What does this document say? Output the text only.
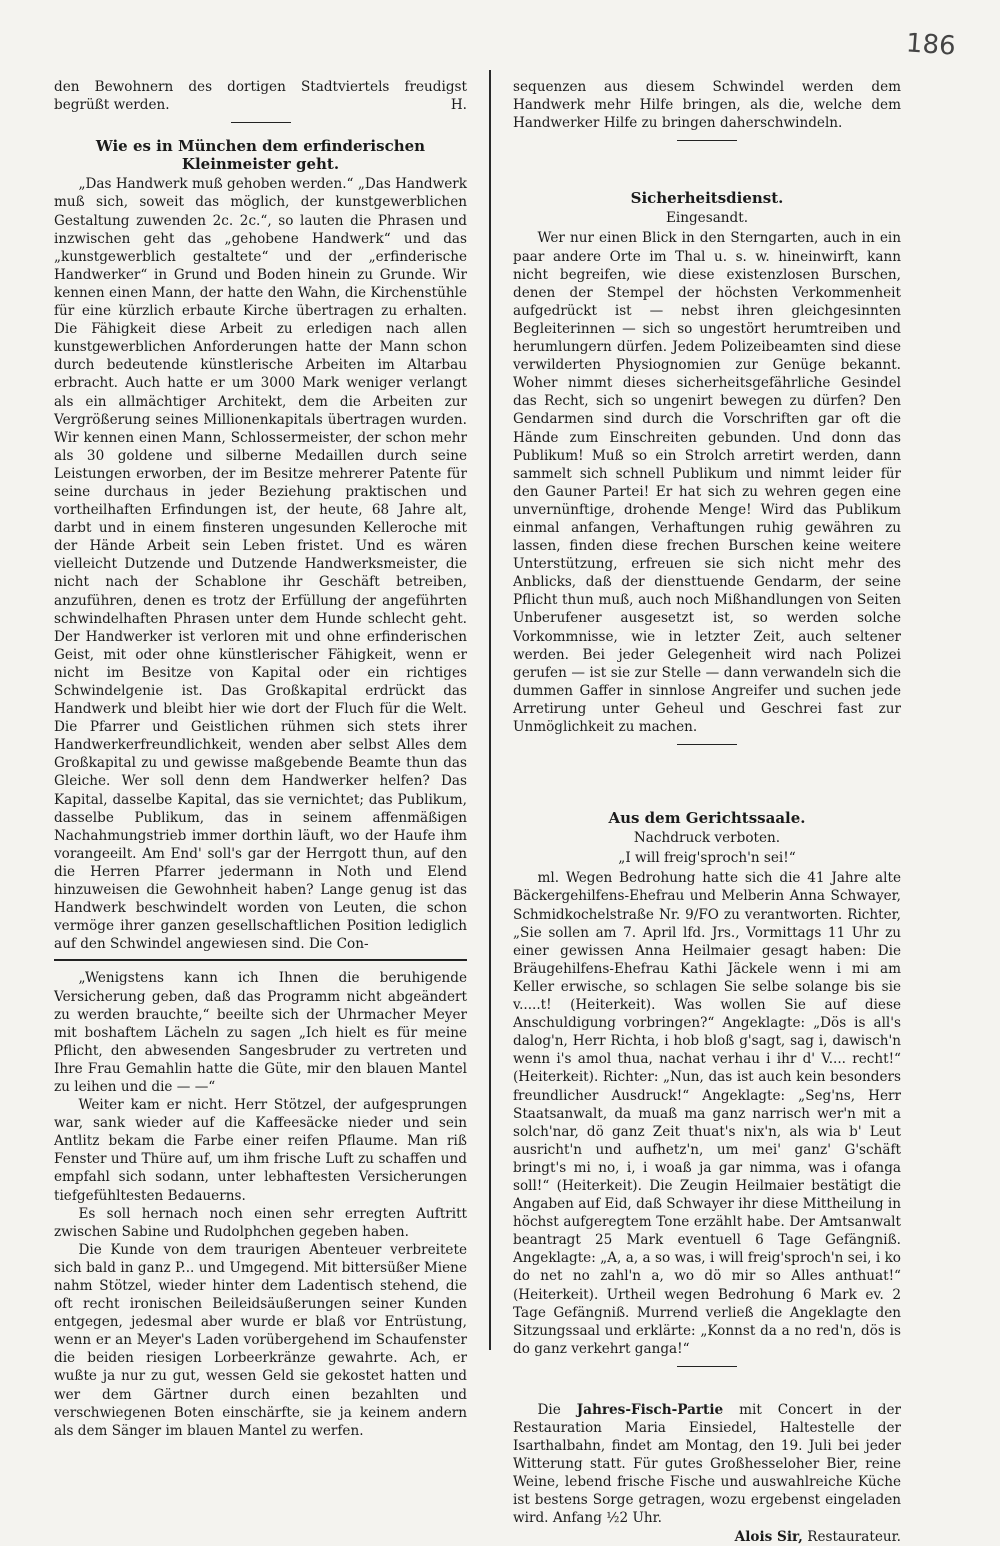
186

den Bewohnern des dortigen Stadtviertels freudigst begrüßt werden.	H.

Wie es in München dem erfinderischen Kleinmeister geht.

„Das Handwerk muß gehoben werden.“ „Das Handwerk muß sich, soweit das möglich, der kunstgewerblichen Gestaltung zuwenden 2c. 2c.“, so lauten die Phrasen und inzwischen geht das „gehobene Handwerk“ und das „kunstgewerblich gestaltete“ und der „erfinderische Handwerker“ in Grund und Boden hinein zu Grunde. Wir kennen einen Mann, der hatte den Wahn, die Kirchenstühle für eine kürzlich erbaute Kirche übertragen zu erhalten. Die Fähigkeit diese Arbeit zu erledigen nach allen kunstgewerblichen Anforderungen hatte der Mann schon durch bedeutende künstlerische Arbeiten im Altarbau erbracht. Auch hatte er um 3000 Mark weniger verlangt als ein allmächtiger Architekt, dem die Arbeiten zur Vergrößerung seines Millionenkapitals übertragen wurden. Wir kennen einen Mann, Schlossermeister, der schon mehr als 30 goldene und silberne Medaillen durch seine Leistungen erworben, der im Besitze mehrerer Patente für seine durchaus in jeder Beziehung praktischen und vortheilhaften Erfindungen ist, der heute, 68 Jahre alt, darbt und in einem finsteren ungesunden Kelleroche mit der Hände Arbeit sein Leben fristet. Und es wären vielleicht Dutzende und Dutzende Handwerksmeister, die nicht nach der Schablone ihr Geschäft betreiben, anzuführen, denen es trotz der Erfüllung der angeführten schwindelhaften Phrasen unter dem Hunde schlecht geht. Der Handwerker ist verloren mit und ohne erfinderischen Geist, mit oder ohne künstlerischer Fähigkeit, wenn er nicht im Besitze von Kapital oder ein richtiges Schwindelgenie ist. Das Großkapital erdrückt das Handwerk und bleibt hier wie dort der Fluch für die Welt. Die Pfarrer und Geistlichen rühmen sich stets ihrer Handwerkerfreundlichkeit, wenden aber selbst Alles dem Großkapital zu und gewisse maßgebende Beamte thun das Gleiche. Wer soll denn dem Handwerker helfen? Das Kapital, dasselbe Kapital, das sie vernichtet; das Publikum, dasselbe Publikum, das in seinem affenmäßigen Nachahmungstrieb immer dorthin läuft, wo der Haufe ihm vorangeeilt. Am End' soll's gar der Herrgott thun, auf den die Herren Pfarrer jedermann in Noth und Elend hinzuweisen die Gewohnheit haben? Lange genug ist das Handwerk beschwindelt worden von Leuten, die schon vermöge ihrer ganzen gesellschaftlichen Position lediglich auf den Schwindel angewiesen sind. Die Con-

„Wenigstens kann ich Ihnen die beruhigende Versicherung geben, daß das Programm nicht abgeändert zu werden brauchte,“ beeilte sich der Uhrmacher Meyer mit boshaftem Lächeln zu sagen „Ich hielt es für meine Pflicht, den abwesenden Sangesbruder zu vertreten und Ihre Frau Gemahlin hatte die Güte, mir den blauen Mantel zu leihen und die — —“

Weiter kam er nicht. Herr Stötzel, der aufgesprungen war, sank wieder auf die Kaffeesäcke nieder und sein Antlitz bekam die Farbe einer reifen Pflaume. Man riß Fenster und Thüre auf, um ihm frische Luft zu schaffen und empfahl sich sodann, unter lebhaftesten Versicherungen tiefgefühltesten Bedauerns.

Es soll hernach noch einen sehr erregten Auftritt zwischen Sabine und Rudolphchen gegeben haben.

Die Kunde von dem traurigen Abenteuer verbreitete sich bald in ganz P... und Umgegend. Mit bittersüßer Miene nahm Stötzel, wieder hinter dem Ladentisch stehend, die oft recht ironischen Beileidsäußerungen seiner Kunden entgegen, jedesmal aber wurde er blaß vor Entrüstung, wenn er an Meyer's Laden vorübergehend im Schaufenster die beiden riesigen Lorbeerkränze gewahrte. Ach, er wußte ja nur zu gut, wessen Geld sie gekostet hatten und wer dem Gärtner durch einen bezahlten und verschwiegenen Boten einschärfte, sie ja keinem andern als dem Sänger im blauen Mantel zu werfen.

sequenzen aus diesem Schwindel werden dem Handwerk mehr Hilfe bringen, als die, welche dem Handwerker Hilfe zu bringen daherschwindeln.

Sicherheitsdienst.
Eingesandt.

Wer nur einen Blick in den Sterngarten, auch in ein paar andere Orte im Thal u. s. w. hineinwirft, kann nicht begreifen, wie diese existenzlosen Burschen, denen der Stempel der höchsten Verkommenheit aufgedrückt ist — nebst ihren gleichgesinnten Begleiterinnen — sich so ungestört herumtreiben und herumlungern dürfen. Jedem Polizeibeamten sind diese verwilderten Physiognomien zur Genüge bekannt. Woher nimmt dieses sicherheitsgefährliche Gesindel das Recht, sich so ungenirt bewegen zu dürfen? Den Gendarmen sind durch die Vorschriften gar oft die Hände zum Einschreiten gebunden. Und donn das Publikum! Muß so ein Strolch arretirt werden, dann sammelt sich schnell Publikum und nimmt leider für den Gauner Partei! Er hat sich zu wehren gegen eine unvernünftige, drohende Menge! Wird das Publikum einmal anfangen, Verhaftungen ruhig gewähren zu lassen, finden diese frechen Burschen keine weitere Unterstützung, erfreuen sie sich nicht mehr des Anblicks, daß der diensttuende Gendarm, der seine Pflicht thun muß, auch noch Mißhandlungen von Seiten Unberufener ausgesetzt ist, so werden solche Vorkommnisse, wie in letzter Zeit, auch seltener werden. Bei jeder Gelegenheit wird nach Polizei gerufen — ist sie zur Stelle — dann verwandeln sich die dummen Gaffer in sinnlose Angreifer und suchen jede Arretirung unter Geheul und Geschrei fast zur Unmöglichkeit zu machen.

Aus dem Gerichtssaale.
Nachdruck verboten.
„I will freig'sproch'n sei!“

ml. Wegen Bedrohung hatte sich die 41 Jahre alte Bäckergehilfens-Ehefrau und Melberin Anna Schwayer, Schmidkochelstraße Nr. 9/FO zu verantworten. Richter, „Sie sollen am 7. April lfd. Jrs., Vormittags 11 Uhr zu einer gewissen Anna Heilmaier gesagt haben: Die Bräugehilfens-Ehefrau Kathi Jäckele wenn i mi am Keller erwische, so schlagen Sie selbe solange bis sie v.....t! (Heiterkeit). Was wollen Sie auf diese Anschuldigung vorbringen?“ Angeklagte: „Dös is all's dalog'n, Herr Richta, i hob bloß g'sagt, sag i, dawisch'n wenn i's amol thua, nachat verhau i ihr d' V.... recht!“ (Heiterkeit). Richter: „Nun, das ist auch kein besonders freundlicher Ausdruck!“ Angeklagte: „Seg'ns, Herr Staatsanwalt, da muaß ma ganz narrisch wer'n mit a solch'nar, dö ganz Zeit thuat's nix'n, als wia b' Leut ausricht'n und aufhetz'n, um mei' ganz' G'schäft bringt's mi no, i, i woaß ja gar nimma, was i ofanga soll!“ (Heiterkeit). Die Zeugin Heilmaier bestätigt die Angaben auf Eid, daß Schwayer ihr diese Mittheilung in höchst aufgeregtem Tone erzählt habe. Der Amtsanwalt beantragt 25 Mark eventuell 6 Tage Gefängniß. Angeklagte: „A, a, a so was, i will freig'sproch'n sei, i ko do net no zahl'n a, wo dö mir so Alles anthuat!“ (Heiterkeit). Urtheil wegen Bedrohung 6 Mark ev. 2 Tage Gefängniß. Murrend verließ die Angeklagte den Sitzungssaal und erklärte: „Konnst da a no red'n, dös is do ganz verkehrt ganga!“

Die Jahres-Fisch-Partie mit Concert in der Restauration Maria Einsiedel, Haltestelle der Isarthalbahn, findet am Montag, den 19. Juli bei jeder Witterung statt. Für gutes Großhesseloher Bier, reine Weine, lebend frische Fische und auswahlreiche Küche ist bestens Sorge getragen, wozu ergebenst eingeladen wird. Anfang ½2 Uhr.

Alois Sir, Restaurateur.
